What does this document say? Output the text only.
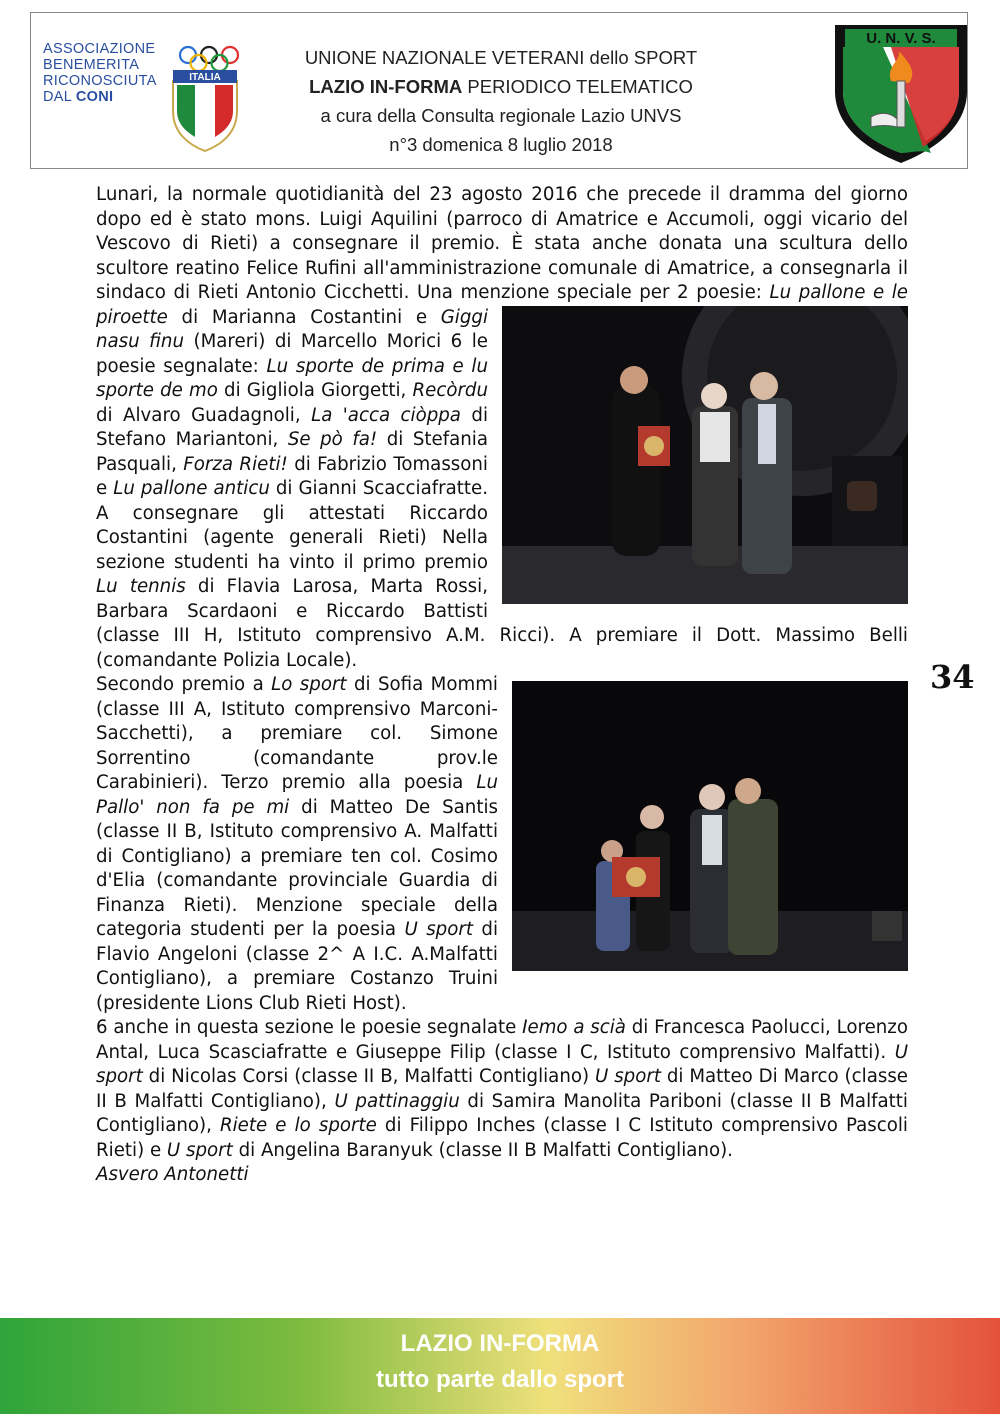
ASSOCIAZIONE
BENEMERITA
RICONOSCIUTA
DAL CONI
ITALIA
UNIONE NAZIONALE VETERANI dello SPORT
LAZIO IN-FORMA PERIODICO TELEMATICO
a cura della Consulta regionale Lazio UNVS
n°3 domenica 8 luglio 2018
U. N. V. S.

Lunari, la normale quotidianità del 23 agosto 2016 che precede il dramma del giorno dopo ed è stato mons. Luigi Aquilini (parroco di Amatrice e Accumoli, oggi vicario del Vescovo di Rieti) a consegnare il premio. È stata anche donata una scultura dello scultore reatino Felice Rufini all'amministrazione comunale di Amatrice, a consegnarla il sindaco di Rieti Antonio Cicchetti. Una menzione speciale per 2 poesie:
Lu pallone e le piroette di Marianna Costantini e Giggi nasu finu (Mareri) di Marcello Morici 6 le poesie segnalate: Lu sporte de prima e lu sporte de mo di Gigliola Giorgetti, Recòrdu di Alvaro Guadagnoli, La 'acca ciòppa di Stefano Mariantoni, Se pò fa! di Stefania Pasquali, Forza Rieti! di Fabrizio Tomassoni e Lu pallone anticu di Gianni Scacciafratte. A consegnare gli attestati Riccardo Costantini (agente generali Rieti) Nella sezione studenti ha vinto il primo premio Lu tennis di Flavia Larosa, Marta Rossi, Barbara Scardaoni e Riccardo Battisti (classe III H, Istituto comprensivo A.M. Ricci). A premiare il Dott. Massimo Belli (comandante Polizia Locale).

Secondo premio a Lo sport di Sofia Mommi (classe III A, Istituto comprensivo Marconi-Sacchetti), a premiare col. Simone Sorrentino (comandante prov.le Carabinieri). Terzo premio alla poesia Lu Pallo' non fa pe mi di Matteo De Santis (classe II B, Istituto comprensivo A. Malfatti di Contigliano) a premiare ten col. Cosimo d'Elia (comandante provinciale Guardia di Finanza Rieti). Menzione speciale della categoria studenti per la poesia U sport di Flavio Angeloni (classe 2^ A I.C. A.Malfatti Contigliano), a premiare Costanzo Truini (presidente Lions Club Rieti Host).

6 anche in questa sezione le poesie segnalate Iemo a scià di Francesca Paolucci, Lorenzo Antal, Luca Scasciafratte e Giuseppe Filip (classe I C, Istituto comprensivo Malfatti). U sport di Nicolas Corsi (classe II B, Malfatti Contigliano) U sport di Matteo Di Marco (classe II B Malfatti Contigliano), U pattinaggiu di Samira Manolita Pariboni (classe II B Malfatti Contigliano), Riete e lo sporte di Filippo Inches (classe I C Istituto comprensivo Pascoli Rieti) e U sport di Angelina Baranyuk (classe II B Malfatti Contigliano).

Asvero Antonetti

34
LAZIO IN-FORMA
tutto parte dallo sport
